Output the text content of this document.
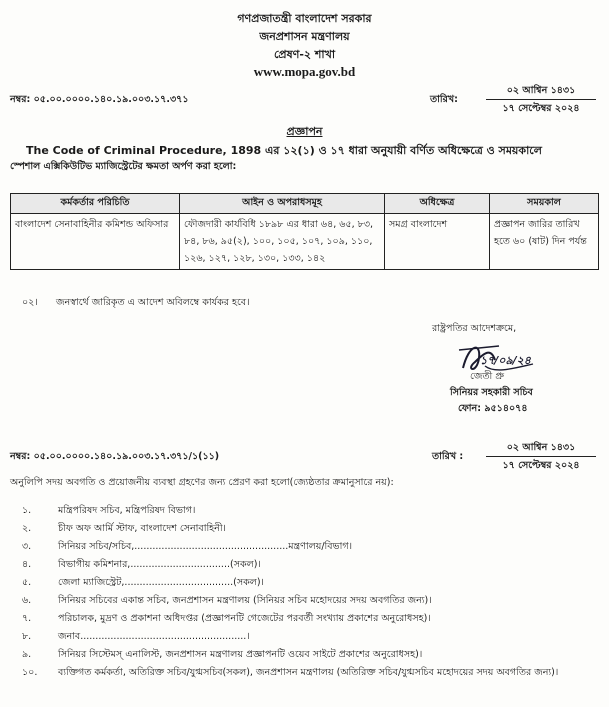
গণপ্রজাতন্ত্রী বাংলাদেশ সরকার
জনপ্রশাসন মন্ত্রণালয়
প্রেষণ-২ শাখা
www.mopa.gov.bd
নম্বর: ০৫.০০.০০০০.১৪০.১৯.০০৩.১৭.৩৭১	তারিখ:
০২ আশ্বিন ১৪৩১
১৭ সেপ্টেম্বর ২০২৪
প্রজ্ঞাপন
The Code of Criminal Procedure, 1898 এর ১২(১) ও ১৭ ধারা অনুযায়ী বর্ণিত অধিক্ষেত্রে ও সময়কালে
স্পেশাল এক্সিকিউটিভ ম্যাজিস্ট্রেটের ক্ষমতা অর্পণ করা হলো:
কর্মকর্তার পরিচিতি	আইন ও অপরাধসমূহ	অধিক্ষেত্র	সময়কাল
বাংলাদেশ সেনাবাহিনীর কমিশন্ড অফিসার	ফৌজদারী কার্যবিধি ১৮৯৮ এর ধারা ৬৪, ৬৫, ৮৩, ৮৪, ৮৬, ৯৫(২), ১০০, ১০৫, ১০৭, ১০৯, ১১০, ১২৬, ১২৭, ১২৮, ১৩০, ১৩৩, ১৪২	সমগ্র বাংলাদেশ	প্রজ্ঞাপন জারির তারিখ হতে ৬০ (ষাট) দিন পর্যন্ত
০২। জনস্বার্থে জারিকৃত এ আদেশ অবিলম্বে কার্যকর হবে।
রাষ্ট্রপতির আদেশক্রমে,
১৭/০৯/২৪
জেতী প্রু
সিনিয়র সহকারী সচিব
ফোন: ৯৫১৪০৭৪
নম্বর: ০৫.০০.০০০০.১৪০.১৯.০০৩.১৭.৩৭১/১(১১)	তারিখ :
০২ আশ্বিন ১৪৩১
১৭ সেপ্টেম্বর ২০২৪
অনুলিপি সদয় অবগতি ও প্রয়োজনীয় ব্যবস্থা গ্রহণের জন্য প্রেরণ করা হলো(জ্যেষ্ঠতার ক্রমানুসারে নয়):
১.	মন্ত্রিপরিষদ সচিব, মন্ত্রিপরিষদ বিভাগ।
২.	চীফ অফ আর্মি স্টাফ, বাংলাদেশ সেনাবাহিনী।
৩.	সিনিয়র সচিব/সচিব,...................................................মন্ত্রণালয়/বিভাগ।
৪.	বিভাগীয় কমিশনার,.................................(সকল)।
৫.	জেলা ম্যাজিস্ট্রেট,....................................(সকল)।
৬.	সিনিয়র সচিবের একান্ত সচিব, জনপ্রশাসন মন্ত্রণালয় (সিনিয়র সচিব মহোদয়ের সদয় অবগতির জন্য)।
৭.	পরিচালক, মুদ্রণ ও প্রকাশনা অধিদপ্তর (প্রজ্ঞাপনটি গেজেটের পরবর্তী সংখ্যায় প্রকাশের অনুরোধসহ)।
৮.	জনাব.......................................................।
৯.	সিনিয়র সিস্টেমস্ এনালিস্ট, জনপ্রশাসন মন্ত্রণালয় প্রজ্ঞাপনটি ওয়েব সাইটে প্রকাশের অনুরোধসহ)।
১০.	ব্যক্তিগত কর্মকর্তা, অতিরিক্ত সচিব/যুগ্মসচিব(সকল), জনপ্রশাসন মন্ত্রণালয় (অতিরিক্ত সচিব/যুগ্মসচিব মহোদয়ের সদয় অবগতির জন্য)।
